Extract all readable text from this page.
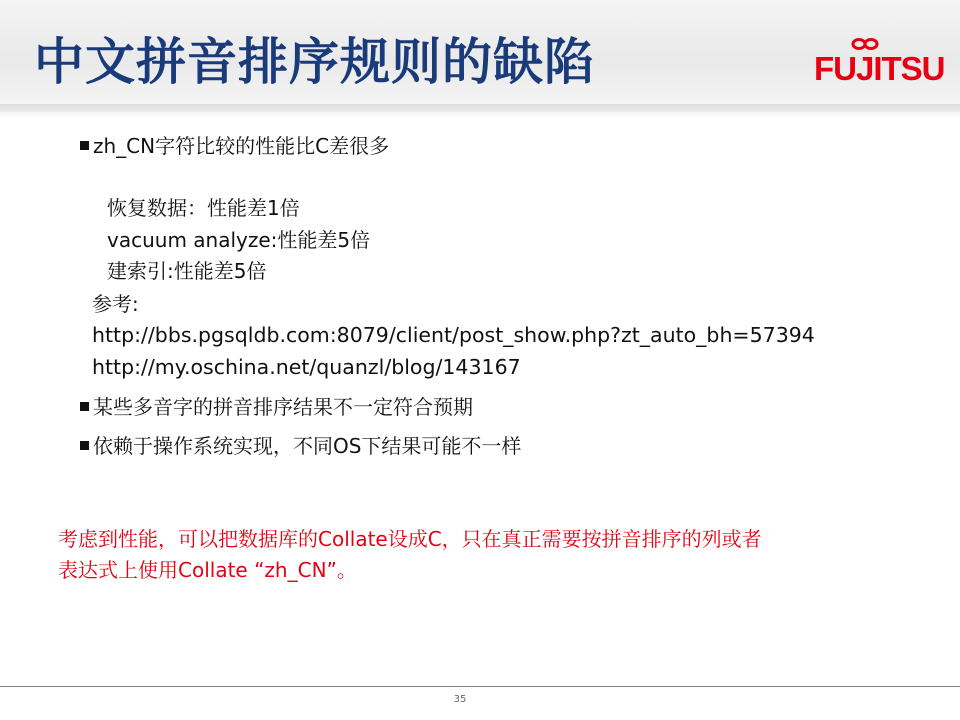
中文拼音排序规则的缺陷	FUJITSU
zh_CN字符比较的性能比C差很多
恢复数据：性能差1倍
vacuum analyze:性能差5倍
建索引:性能差5倍
参考:
http://bbs.pgsqldb.com:8079/client/post_show.php?zt_auto_bh=57394
http://my.oschina.net/quanzl/blog/143167
某些多音字的拼音排序结果不一定符合预期
依赖于操作系统实现，不同OS下结果可能不一样
考虑到性能，可以把数据库的Collate设成C，只在真正需要按拼音排序的列或者
表达式上使用Collate “zh_CN”。
35
